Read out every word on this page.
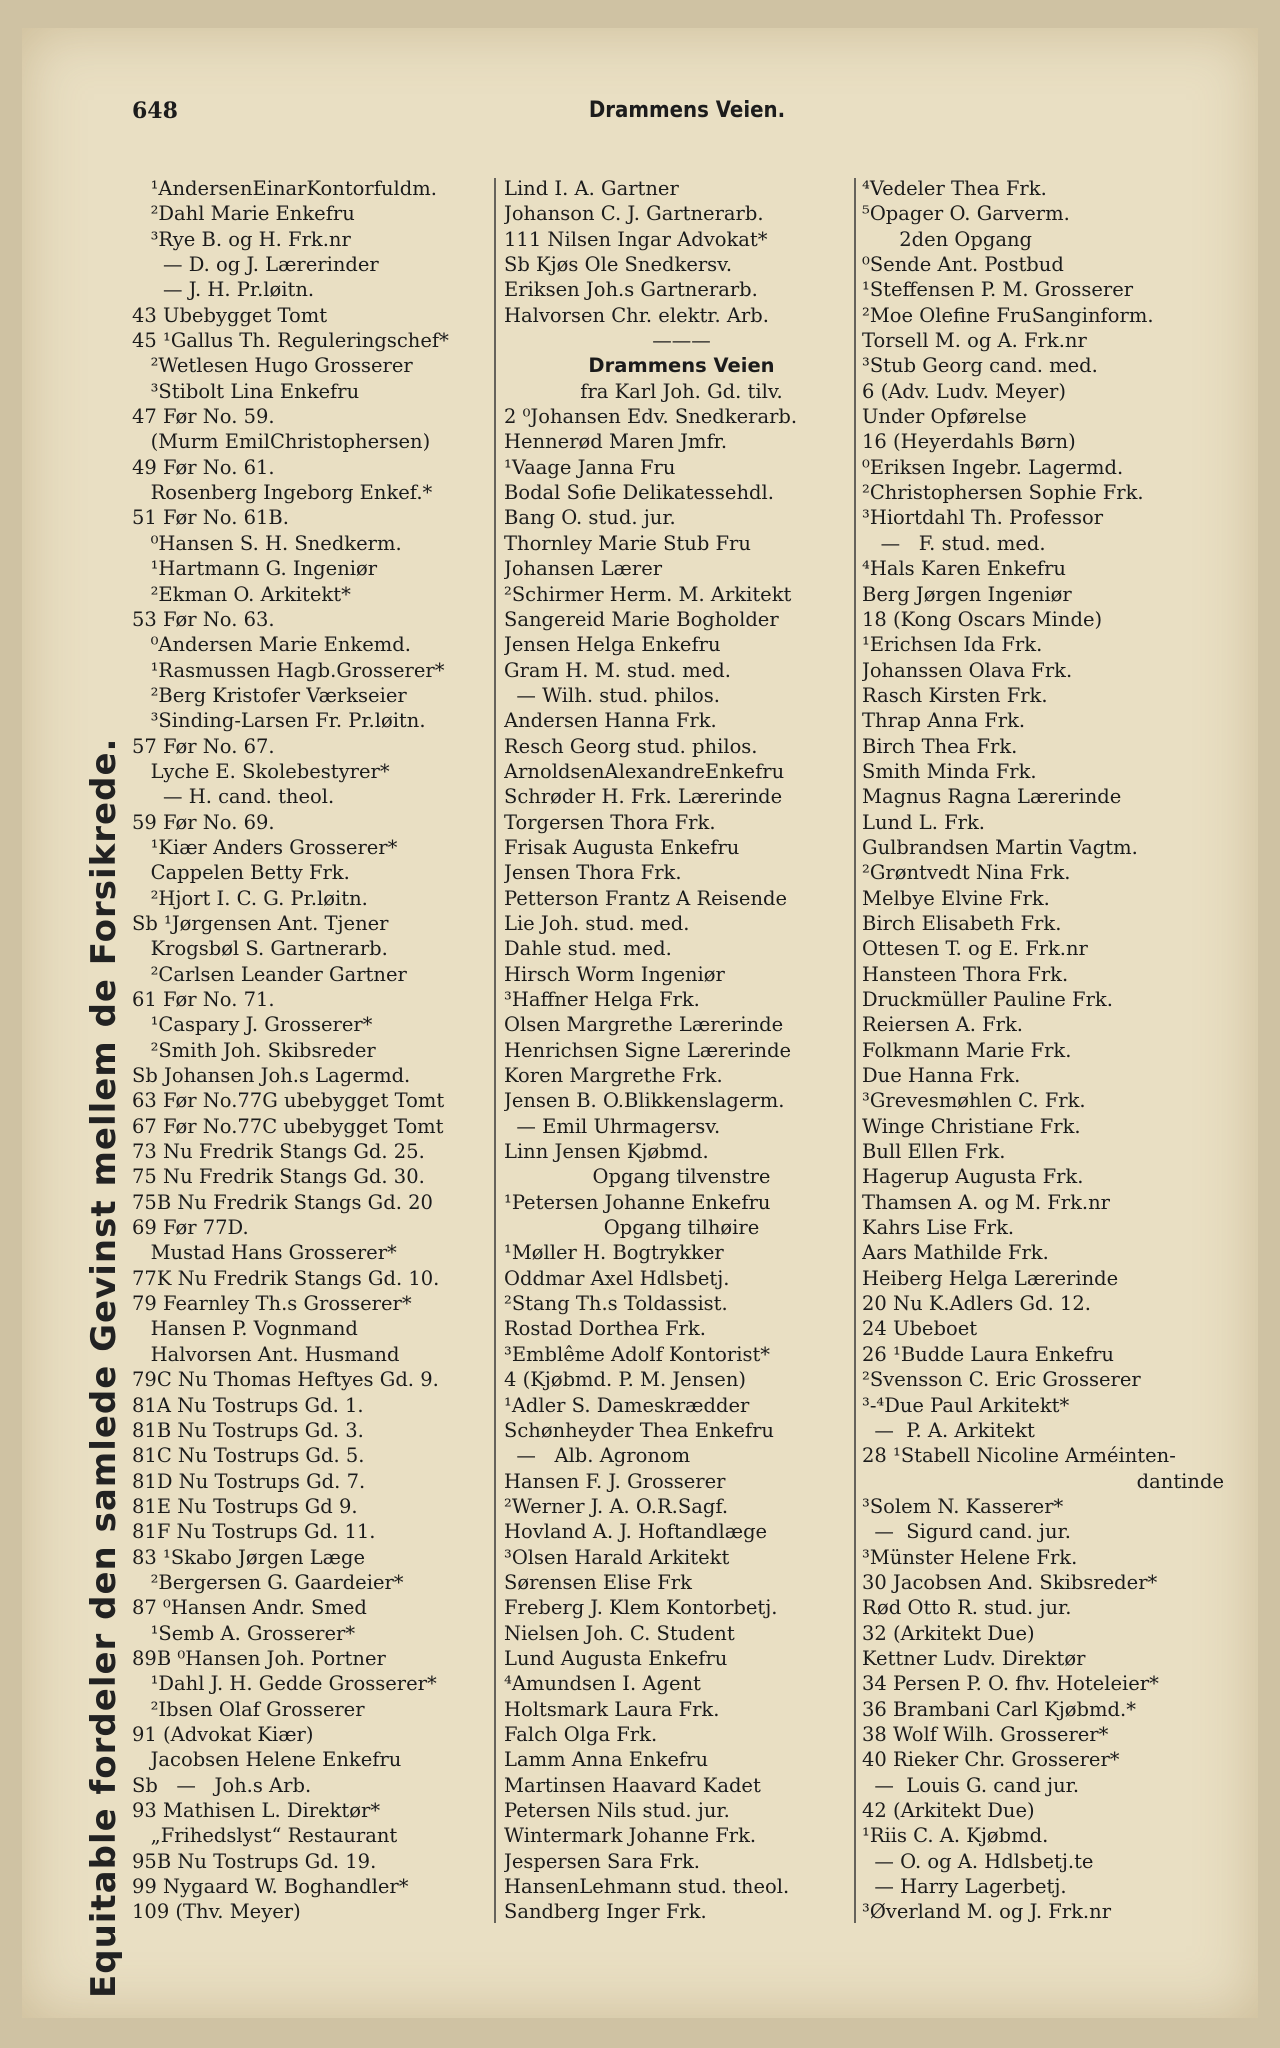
648	Drammens Veien.
Equitable fordeler den samlede Gevinst mellem de Forsikrede.
¹AndersenEinarKontorfuldm.
²Dahl Marie Enkefru
³Rye B. og H. Frk.nr
— D. og J. Lærerinder
— J. H. Pr.løitn.
43 Ubebygget Tomt
45 ¹Gallus Th. Reguleringschef*
²Wetlesen Hugo Grosserer
³Stibolt Lina Enkefru
47 Før No. 59.
(Murm EmilChristophersen)
49 Før No. 61.
Rosenberg Ingeborg Enkef.*
51 Før No. 61B.
⁰Hansen S. H. Snedkerm.
¹Hartmann G. Ingeniør
²Ekman O. Arkitekt*
53 Før No. 63.
⁰Andersen Marie Enkemd.
¹Rasmussen Hagb.Grosserer*
²Berg Kristofer Værkseier
³Sinding-Larsen Fr. Pr.løitn.
57 Før No. 67.
Lyche E. Skolebestyrer*
— H. cand. theol.
59 Før No. 69.
¹Kiær Anders Grosserer*
Cappelen Betty Frk.
²Hjort I. C. G. Pr.løitn.
Sb ¹Jørgensen Ant. Tjener
Krogsbøl S. Gartnerarb.
²Carlsen Leander Gartner
61 Før No. 71.
¹Caspary J. Grosserer*
²Smith Joh. Skibsreder
Sb Johansen Joh.s Lagermd.
63 Før No.77G ubebygget Tomt
67 Før No.77C ubebygget Tomt
73 Nu Fredrik Stangs Gd. 25.
75 Nu Fredrik Stangs Gd. 30.
75B Nu Fredrik Stangs Gd. 20
69 Før 77D.
Mustad Hans Grosserer*
77K Nu Fredrik Stangs Gd. 10.
79 Fearnley Th.s Grosserer*
Hansen P. Vognmand
Halvorsen Ant. Husmand
79C Nu Thomas Heftyes Gd. 9.
81A Nu Tostrups Gd. 1.
81B Nu Tostrups Gd. 3.
81C Nu Tostrups Gd. 5.
81D Nu Tostrups Gd. 7.
81E Nu Tostrups Gd 9.
81F Nu Tostrups Gd. 11.
83 ¹Skabo Jørgen Læge
²Bergersen G. Gaardeier*
87 ⁰Hansen Andr. Smed
¹Semb A. Grosserer*
89B ⁰Hansen Joh. Portner
¹Dahl J. H. Gedde Grosserer*
²Ibsen Olaf Grosserer
91 (Advokat Kiær)
Jacobsen Helene Enkefru
Sb   —   Joh.s Arb.
93 Mathisen L. Direktør*
„Frihedslyst“ Restaurant
95B Nu Tostrups Gd. 19.
99 Nygaard W. Boghandler*
109 (Thv. Meyer)
Lind I. A. Gartner
Johanson C. J. Gartnerarb.
111 Nilsen Ingar Advokat*
Sb Kjøs Ole Snedkersv.
Eriksen Joh.s Gartnerarb.
Halvorsen Chr. elektr. Arb.
———
Drammens Veien
fra Karl Joh. Gd. tilv.
2 ⁰Johansen Edv. Snedkerarb.
Hennerød Maren Jmfr.
¹Vaage Janna Fru
Bodal Sofie Delikatessehdl.
Bang O. stud. jur.
Thornley Marie Stub Fru
Johansen Lærer
²Schirmer Herm. M. Arkitekt
Sangereid Marie Bogholder
Jensen Helga Enkefru
Gram H. M. stud. med.
— Wilh. stud. philos.
Andersen Hanna Frk.
Resch Georg stud. philos.
ArnoldsenAlexandreEnkefru
Schrøder H. Frk. Lærerinde
Torgersen Thora Frk.
Frisak Augusta Enkefru
Jensen Thora Frk.
Petterson Frantz A Reisende
Lie Joh. stud. med.
Dahle stud. med.
Hirsch Worm Ingeniør
³Haffner Helga Frk.
Olsen Margrethe Lærerinde
Henrichsen Signe Lærerinde
Koren Margrethe Frk.
Jensen B. O.Blikkenslagerm.
— Emil Uhrmagersv.
Linn Jensen Kjøbmd.
Opgang tilvenstre
¹Petersen Johanne Enkefru
Opgang tilhøire
¹Møller H. Bogtrykker
Oddmar Axel Hdlsbetj.
²Stang Th.s Toldassist.
Rostad Dorthea Frk.
³Emblême Adolf Kontorist*
4 (Kjøbmd. P. M. Jensen)
¹Adler S. Dameskrædder
Schønheyder Thea Enkefru
—   Alb. Agronom
Hansen F. J. Grosserer
²Werner J. A. O.R.Sagf.
Hovland A. J. Hoftandlæge
³Olsen Harald Arkitekt
Sørensen Elise Frk
Freberg J. Klem Kontorbetj.
Nielsen Joh. C. Student
Lund Augusta Enkefru
⁴Amundsen I. Agent
Holtsmark Laura Frk.
Falch Olga Frk.
Lamm Anna Enkefru
Martinsen Haavard Kadet
Petersen Nils stud. jur.
Wintermark Johanne Frk.
Jespersen Sara Frk.
HansenLehmann stud. theol.
Sandberg Inger Frk.
⁴Vedeler Thea Frk.
⁵Opager O. Garverm.
2den Opgang
⁰Sende Ant. Postbud
¹Steffensen P. M. Grosserer
²Moe Olefine FruSanginform.
Torsell M. og A. Frk.nr
³Stub Georg cand. med.
6 (Adv. Ludv. Meyer)
Under Opførelse
16 (Heyerdahls Børn)
⁰Eriksen Ingebr. Lagermd.
²Christophersen Sophie Frk.
³Hiortdahl Th. Professor
—   F. stud. med.
⁴Hals Karen Enkefru
Berg Jørgen Ingeniør
18 (Kong Oscars Minde)
¹Erichsen Ida Frk.
Johanssen Olava Frk.
Rasch Kirsten Frk.
Thrap Anna Frk.
Birch Thea Frk.
Smith Minda Frk.
Magnus Ragna Lærerinde
Lund L. Frk.
Gulbrandsen Martin Vagtm.
²Grøntvedt Nina Frk.
Melbye Elvine Frk.
Birch Elisabeth Frk.
Ottesen T. og E. Frk.nr
Hansteen Thora Frk.
Druckmüller Pauline Frk.
Reiersen A. Frk.
Folkmann Marie Frk.
Due Hanna Frk.
³Grevesmøhlen C. Frk.
Winge Christiane Frk.
Bull Ellen Frk.
Hagerup Augusta Frk.
Thamsen A. og M. Frk.nr
Kahrs Lise Frk.
Aars Mathilde Frk.
Heiberg Helga Lærerinde
20 Nu K.Adlers Gd. 12.
24 Ubeboet
26 ¹Budde Laura Enkefru
²Svensson C. Eric Grosserer
³-⁴Due Paul Arkitekt*
—  P. A. Arkitekt
28 ¹Stabell Nicoline Arméinten-
dantinde
³Solem N. Kasserer*
—  Sigurd cand. jur.
³Münster Helene Frk.
30 Jacobsen And. Skibsreder*
Rød Otto R. stud. jur.
32 (Arkitekt Due)
Kettner Ludv. Direktør
34 Persen P. O. fhv. Hoteleier*
36 Brambani Carl Kjøbmd.*
38 Wolf Wilh. Grosserer*
40 Rieker Chr. Grosserer*
—  Louis G. cand jur.
42 (Arkitekt Due)
¹Riis C. A. Kjøbmd.
— O. og A. Hdlsbetj.te
— Harry Lagerbetj.
³Øverland M. og J. Frk.nr
